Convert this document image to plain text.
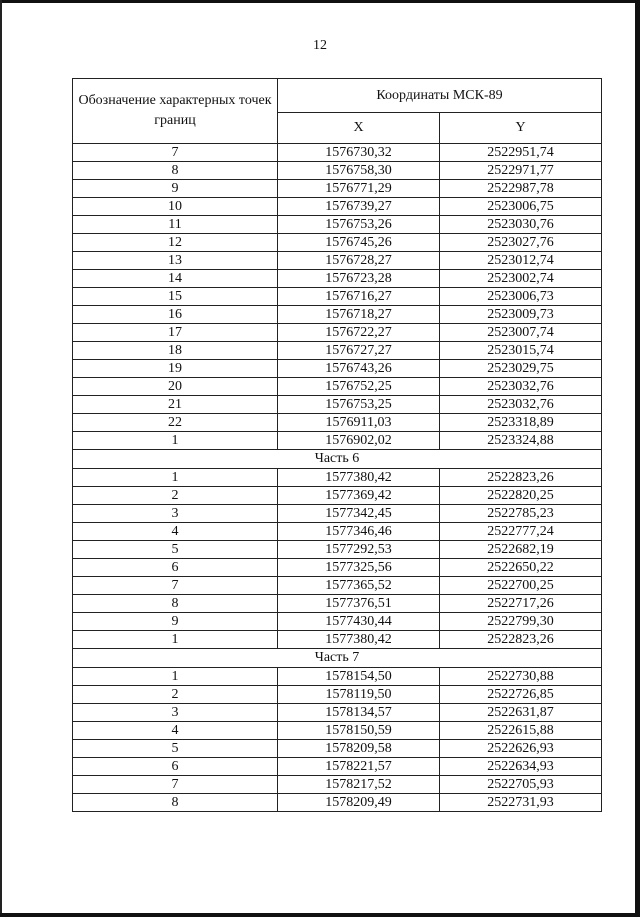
12
Обозначение характерных точек границ	Координаты МСК-89	
	X	Y
7	1576730,32	2522951,74
8	1576758,30	2522971,77
9	1576771,29	2522987,78
10	1576739,27	2523006,75
11	1576753,26	2523030,76
12	1576745,26	2523027,76
13	1576728,27	2523012,74
14	1576723,28	2523002,74
15	1576716,27	2523006,73
16	1576718,27	2523009,73
17	1576722,27	2523007,74
18	1576727,27	2523015,74
19	1576743,26	2523029,75
20	1576752,25	2523032,76
21	1576753,25	2523032,76
22	1576911,03	2523318,89
1	1576902,02	2523324,88
Часть 6		
1	1577380,42	2522823,26
2	1577369,42	2522820,25
3	1577342,45	2522785,23
4	1577346,46	2522777,24
5	1577292,53	2522682,19
6	1577325,56	2522650,22
7	1577365,52	2522700,25
8	1577376,51	2522717,26
9	1577430,44	2522799,30
1	1577380,42	2522823,26
Часть 7		
1	1578154,50	2522730,88
2	1578119,50	2522726,85
3	1578134,57	2522631,87
4	1578150,59	2522615,88
5	1578209,58	2522626,93
6	1578221,57	2522634,93
7	1578217,52	2522705,93
8	1578209,49	2522731,93
